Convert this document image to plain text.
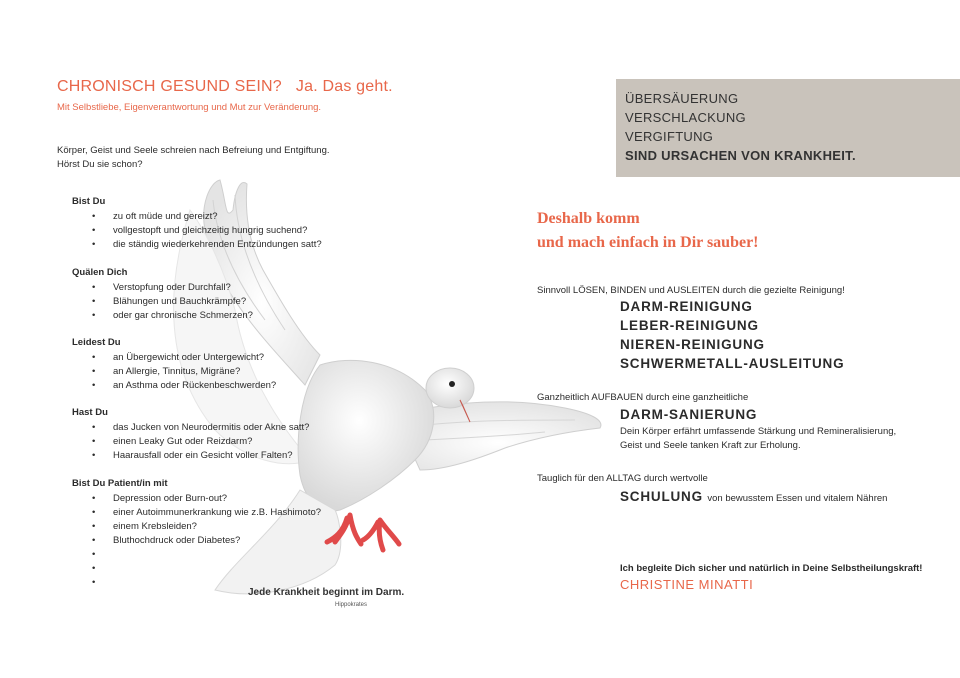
CHRONISCH GESUND SEIN? Ja. Das geht.
Mit Selbstliebe, Eigenverantwortung und Mut zur Veränderung.
Körper, Geist und Seele schreien nach Befreiung und Entgiftung.
Hörst Du sie schon?
Bist Du
• zu oft müde und gereizt?
• vollgestopft und gleichzeitig hungrig suchend?
• die ständig wiederkehrenden Entzündungen satt?
Quälen Dich
• Verstopfung oder Durchfall?
• Blähungen und Bauchkrämpfe?
• oder gar chronische Schmerzen?
Leidest Du
• an Übergewicht oder Untergewicht?
• an Allergie, Tinnitus, Migräne?
• an Asthma oder Rückenbeschwerden?
Hast Du
• das Jucken von Neurodermitis oder Akne satt?
• einen Leaky Gut oder Reizdarm?
• Haarausfall oder ein Gesicht voller Falten?
Bist Du Patient/in mit
• Depression oder Burn-out?
• einer Autoimmunerkrankung wie z.B. Hashimoto?
• einem Krebsleiden?
• Bluthochdruck oder Diabetes?
•
•
•
Jede Krankheit beginnt im Darm.
Hippokrates
ÜBERSÄUERUNG
VERSCHLACKUNG
VERGIFTUNG
SIND URSACHEN VON KRANKHEIT.
Deshalb komm
und mach einfach in Dir sauber!
Sinnvoll LÖSEN, BINDEN und AUSLEITEN durch die gezielte Reinigung!
DARM-REINIGUNG
LEBER-REINIGUNG
NIEREN-REINIGUNG
SCHWERMETALL-AUSLEITUNG
Ganzheitlich AUFBAUEN durch eine ganzheitliche
DARM-SANIERUNG
Dein Körper erfährt umfassende Stärkung und Remineralisierung,
Geist und Seele tanken Kraft zur Erholung.
Tauglich für den ALLTAG durch wertvolle
SCHULUNG von bewusstem Essen und vitalem Nähren
Ich begleite Dich sicher und natürlich in Deine Selbstheilungskraft!
CHRISTINE MINATTI
